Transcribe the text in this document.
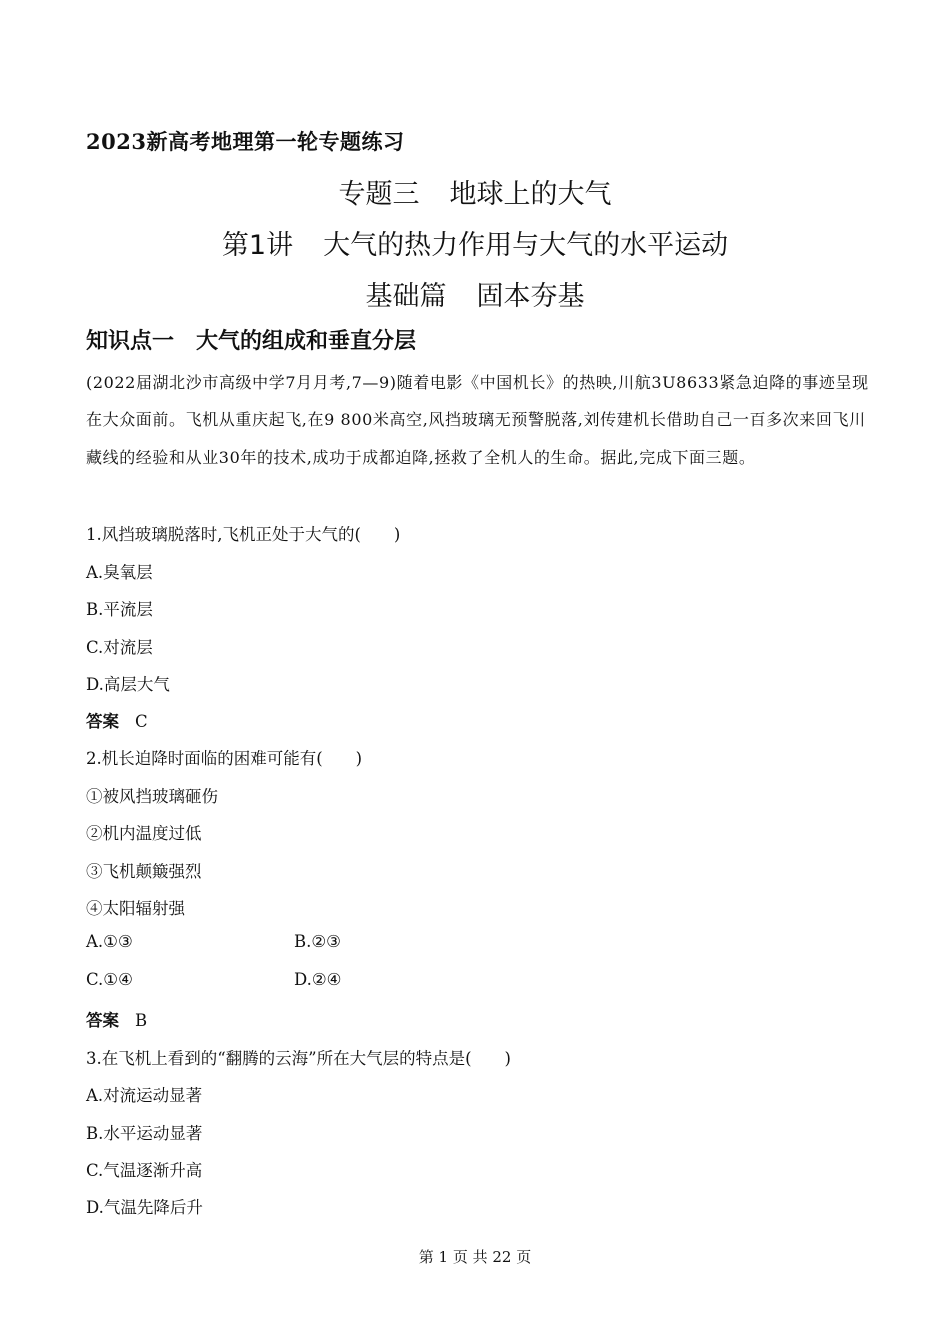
2023新高考地理第一轮专题练习
专题三 地球上的大气
第1讲 大气的热力作用与大气的水平运动
基础篇 固本夯基
知识点一　大气的组成和垂直分层
(2022届湖北沙市高级中学7月月考,7—9)随着电影《中国机长》的热映,川航3U8633紧急迫降的事迹呈现在大众面前。飞机从重庆起飞,在9 800米高空,风挡玻璃无预警脱落,刘传建机长借助自己一百多次来回飞川藏线的经验和从业30年的技术,成功于成都迫降,拯救了全机人的生命。据此,完成下面三题。
1.风挡玻璃脱落时,飞机正处于大气的(　　)
A.臭氧层
B.平流层
C.对流层
D.高层大气
答案 C
2.机长迫降时面临的困难可能有(　　)
①被风挡玻璃砸伤
②机内温度过低
③飞机颠簸强烈
④太阳辐射强
A.①③	B.②③
C.①④	D.②④
答案 B
3.在飞机上看到的“翻腾的云海”所在大气层的特点是(　　)
A.对流运动显著
B.水平运动显著
C.气温逐渐升高
D.气温先降后升
第 1 页 共 22 页
